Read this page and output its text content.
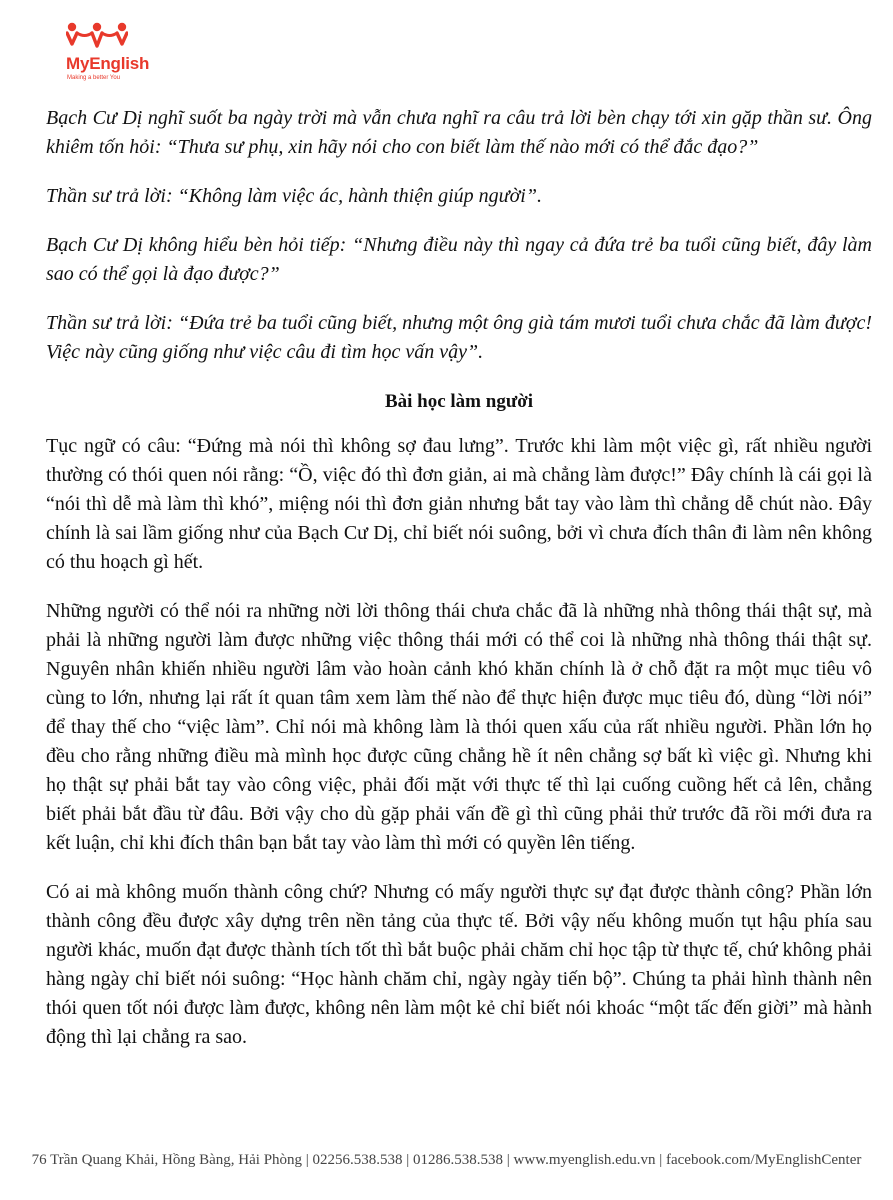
MyEnglish
Making a better You

Bạch Cư Dị nghĩ suốt ba ngày trời mà vẫn chưa nghĩ ra câu trả lời bèn chạy tới xin gặp thần sư. Ông khiêm tốn hỏi: “Thưa sư phụ, xin hãy nói cho con biết làm thế nào mới có thể đắc đạo?”

Thần sư trả lời: “Không làm việc ác, hành thiện giúp người”.

Bạch Cư Dị không hiểu bèn hỏi tiếp: “Nhưng điều này thì ngay cả đứa trẻ ba tuổi cũng biết, đây làm sao có thể gọi là đạo được?”

Thần sư trả lời: “Đứa trẻ ba tuổi cũng biết, nhưng một ông già tám mươi tuổi chưa chắc đã làm được! Việc này cũng giống như việc câu đi tìm học vấn vậy”.

Bài học làm người

Tục ngữ có câu: “Đứng mà nói thì không sợ đau lưng”. Trước khi làm một việc gì, rất nhiều người thường có thói quen nói rằng: “Ồ, việc đó thì đơn giản, ai mà chẳng làm được!” Đây chính là cái gọi là “nói thì dễ mà làm thì khó”, miệng nói thì đơn giản nhưng bắt tay vào làm thì chẳng dễ chút nào. Đây chính là sai lầm giống như của Bạch Cư Dị, chỉ biết nói suông, bởi vì chưa đích thân đi làm nên không có thu hoạch gì hết.

Những người có thể nói ra những nời lời thông thái chưa chắc đã là những nhà thông thái thật sự, mà phải là những người làm được những việc thông thái mới có thể coi là những nhà thông thái thật sự. Nguyên nhân khiến nhiều người lâm vào hoàn cảnh khó khăn chính là ở chỗ đặt ra một mục tiêu vô cùng to lớn, nhưng lại rất ít quan tâm xem làm thế nào để thực hiện được mục tiêu đó, dùng “lời nói” để thay thế cho “việc làm”. Chỉ nói mà không làm là thói quen xấu của rất nhiều người. Phần lớn họ đều cho rằng những điều mà mình học được cũng chẳng hề ít nên chẳng sợ bất kì việc gì. Nhưng khi họ thật sự phải bắt tay vào công việc, phải đối mặt với thực tế thì lại cuống cuồng hết cả lên, chẳng biết phải bắt đầu từ đâu. Bởi vậy cho dù gặp phải vấn đề gì thì cũng phải thử trước đã rồi mới đưa ra kết luận, chỉ khi đích thân bạn bắt tay vào làm thì mới có quyền lên tiếng.

Có ai mà không muốn thành công chứ? Nhưng có mấy người thực sự đạt được thành công? Phần lớn thành công đều được xây dựng trên nền tảng của thực tế. Bởi vậy nếu không muốn tụt hậu phía sau người khác, muốn đạt được thành tích tốt thì bắt buộc phải chăm chỉ học tập từ thực tế, chứ không phải hàng ngày chỉ biết nói suông: “Học hành chăm chỉ, ngày ngày tiến bộ”. Chúng ta phải hình thành nên thói quen tốt nói được làm được, không nên làm một kẻ chỉ biết nói khoác “một tấc đến giời” mà hành động thì lại chẳng ra sao.

76 Trần Quang Khải, Hồng Bàng, Hải Phòng | 02256.538.538 | 01286.538.538 | www.myenglish.edu.vn | facebook.com/MyEnglishCenter
